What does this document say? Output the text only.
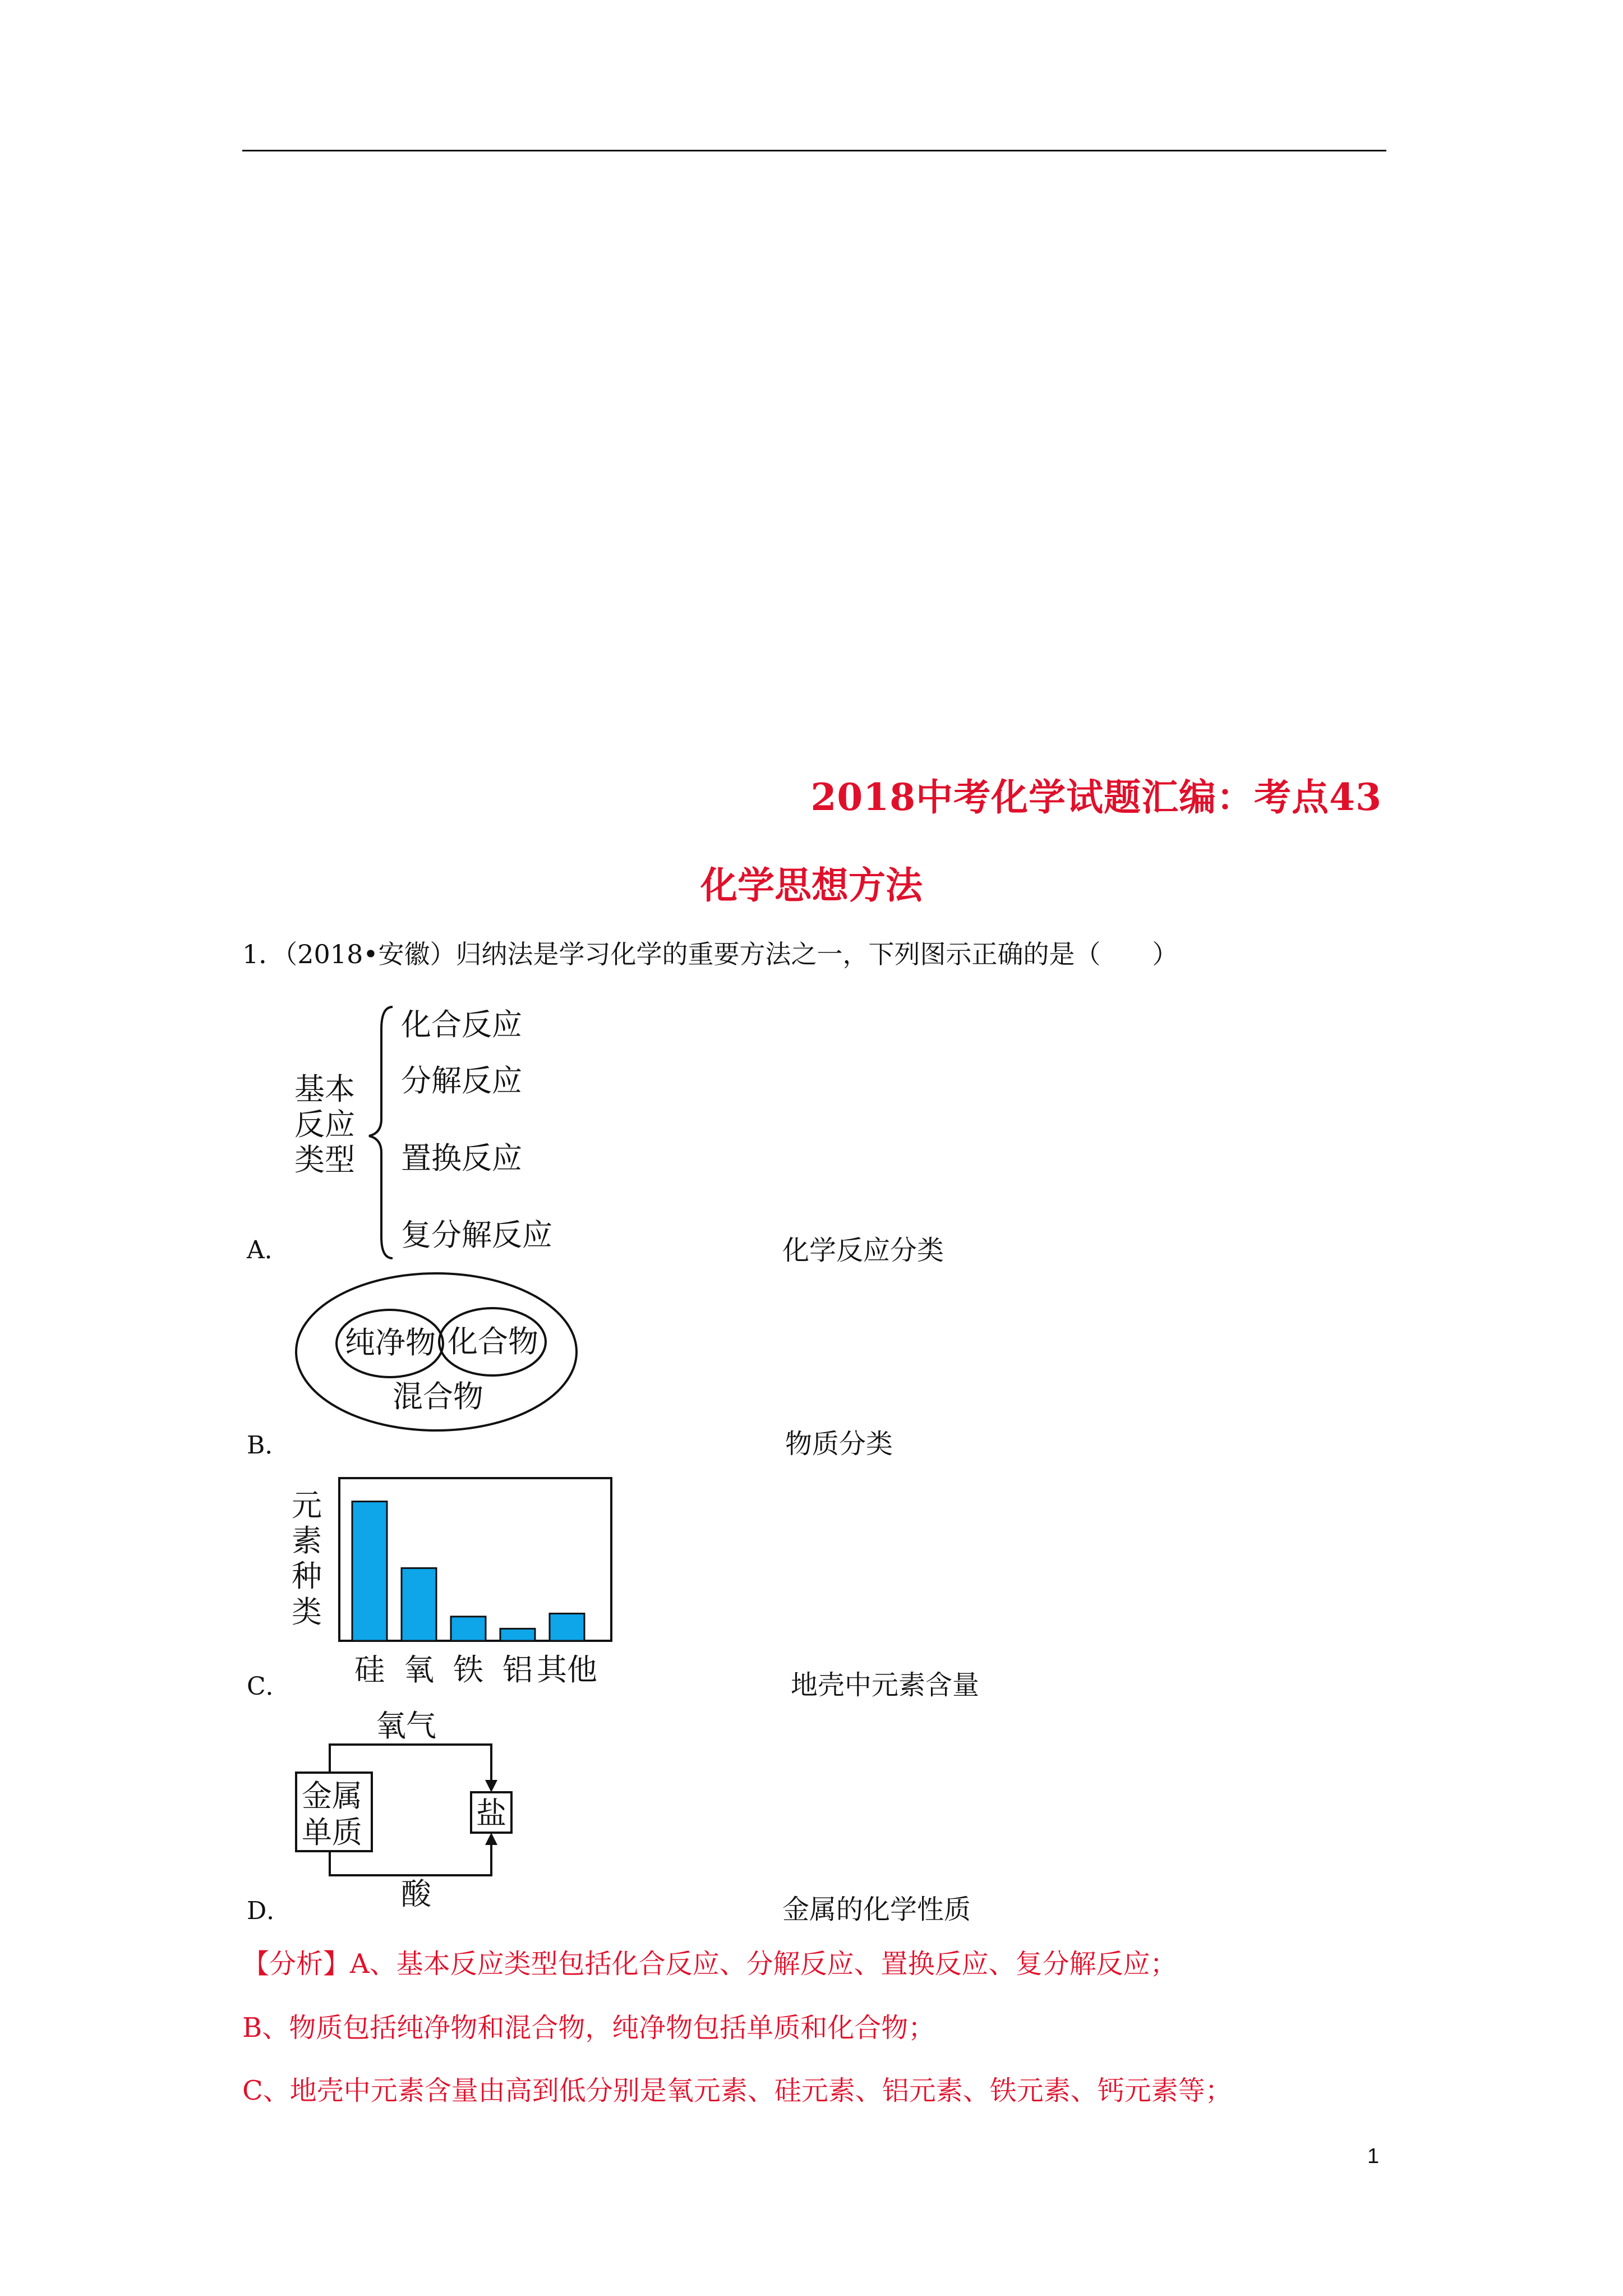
2018中考化学试题汇编：考点43
化学思想方法
1．（2018•安徽）归纳法是学习化学的重要方法之一，下列图示正确的是（　　）
基本
反应
类型
化合反应
分解反应
置换反应
复分解反应
A．	化学反应分类
纯净物 化合物
混合物
B．	物质分类
元
素
种
类
硅 氧 铁 铝 其他
C．	地壳中元素含量
金属
单质
盐
氧气
酸
D．	金属的化学性质
【分析】A、基本反应类型包括化合反应、分解反应、置换反应、复分解反应；
B、物质包括纯净物和混合物，纯净物包括单质和化合物；
C、地壳中元素含量由高到低分别是氧元素、硅元素、铝元素、铁元素、钙元素等；
1
